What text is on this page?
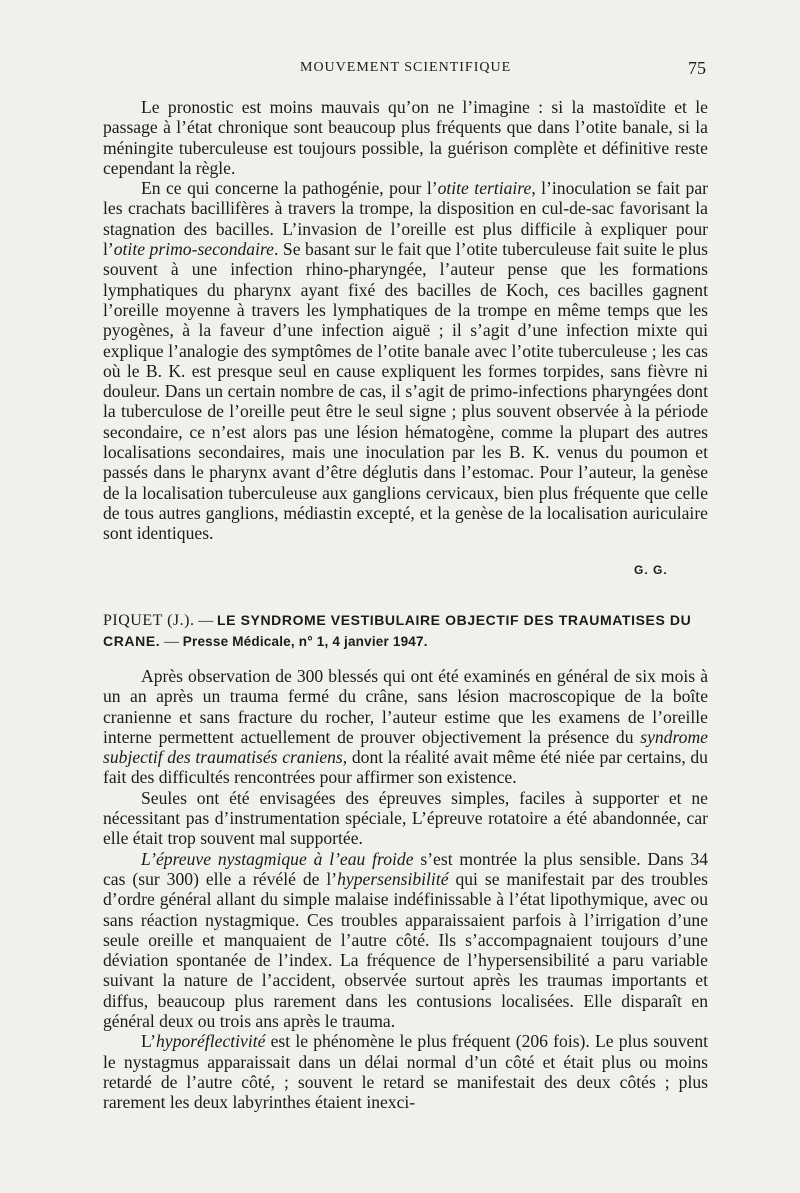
MOUVEMENT SCIENTIFIQUE	75

Le pronostic est moins mauvais qu’on ne l’imagine : si la mastoïdite et le passage à l’état chronique sont beaucoup plus fréquents que dans l’otite banale, si la méningite tuberculeuse est toujours possible, la guérison complète et définitive reste cependant la règle.

En ce qui concerne la pathogénie, pour l’otite tertiaire, l’inoculation se fait par les crachats bacillifères à travers la trompe, la disposition en cul-de-sac favorisant la stagnation des bacilles. L’invasion de l’oreille est plus difficile à expliquer pour l’otite primo-secondaire. Se basant sur le fait que l’otite tuberculeuse fait suite le plus souvent à une infection rhino-pharyngée, l’auteur pense que les formations lymphatiques du pharynx ayant fixé des bacilles de Koch, ces bacilles gagnent l’oreille moyenne à travers les lymphatiques de la trompe en même temps que les pyogènes, à la faveur d’une infection aiguë ; il s’agit d’une infection mixte qui explique l’analogie des symptômes de l’otite banale avec l’otite tuberculeuse ; les cas où le B. K. est presque seul en cause expliquent les formes torpides, sans fièvre ni douleur. Dans un certain nombre de cas, il s’agit de primo-infections pharyngées dont la tuberculose de l’oreille peut être le seul signe ; plus souvent observée à la période secondaire, ce n’est alors pas une lésion hématogène, comme la plupart des autres localisations secondaires, mais une inoculation par les B. K. venus du poumon et passés dans le pharynx avant d’être déglutis dans l’estomac. Pour l’auteur, la genèse de la localisation tuberculeuse aux ganglions cervicaux, bien plus fréquente que celle de tous autres ganglions, médiastin excepté, et la genèse de la localisation auriculaire sont identiques.

G. G.
PIQUET (J.). — LE SYNDROME VESTIBULAIRE OBJECTIF DES TRAUMATISES DU CRANE. — Presse Médicale, n° 1, 4 janvier 1947.

Après observation de 300 blessés qui ont été examinés en général de six mois à un an après un trauma fermé du crâne, sans lésion macroscopique de la boîte cranienne et sans fracture du rocher, l’auteur estime que les examens de l’oreille interne permettent actuellement de prouver objectivement la présence du syndrome subjectif des traumatisés craniens, dont la réalité avait même été niée par certains, du fait des difficultés rencontrées pour affirmer son existence.

Seules ont été envisagées des épreuves simples, faciles à supporter et ne nécessitant pas d’instrumentation spéciale, L’épreuve rotatoire a été abandonnée, car elle était trop souvent mal supportée.

L’épreuve nystagmique à l’eau froide s’est montrée la plus sensible. Dans 34 cas (sur 300) elle a révélé de l’hypersensibilité qui se manifestait par des troubles d’ordre général allant du simple malaise indéfinissable à l’état lipothymique, avec ou sans réaction nystagmique. Ces troubles apparaissaient parfois à l’irrigation d’une seule oreille et manquaient de l’autre côté. Ils s’accompagnaient toujours d’une déviation spontanée de l’index. La fréquence de l’hypersensibilité a paru variable suivant la nature de l’accident, observée surtout après les traumas importants et diffus, beaucoup plus rarement dans les contusions localisées. Elle disparaît en général deux ou trois ans après le trauma.

L’hyporéflectivité est le phénomène le plus fréquent (206 fois). Le plus souvent le nystagmus apparaissait dans un délai normal d’un côté et était plus ou moins retardé de l’autre côté, ; souvent le retard se manifestait des deux côtés ; plus rarement les deux labyrinthes étaient inexci-
